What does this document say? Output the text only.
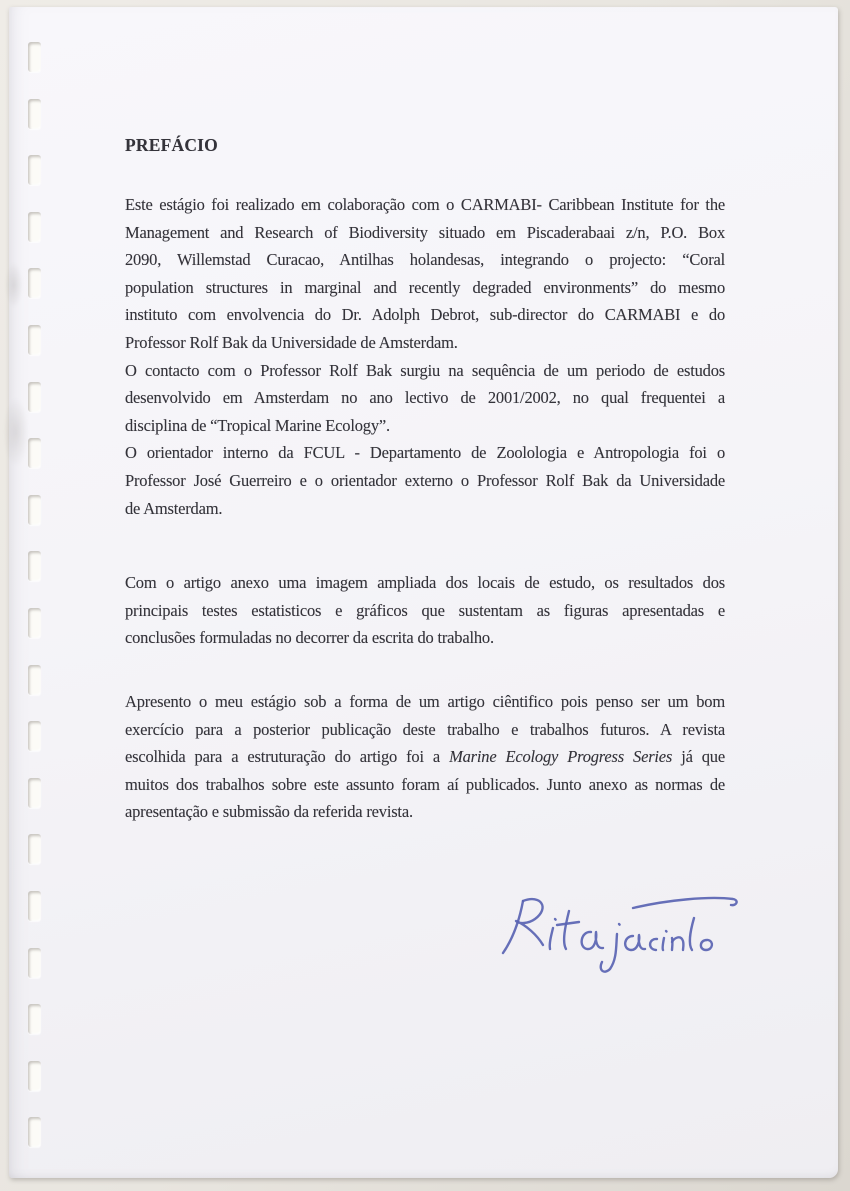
PREFÁCIO
Este estágio foi realizado em colaboração com o CARMABI- Caribbean Institute for the
Management and Research of Biodiversity situado em Piscaderabaai z/n, P.O. Box
2090, Willemstad Curacao, Antilhas holandesas, integrando o projecto: “Coral
population structures in marginal and recently degraded environments” do mesmo
instituto com envolvencia do Dr. Adolph Debrot, sub-director do CARMABI e do
Professor Rolf Bak da Universidade de Amsterdam.
O contacto com o Professor Rolf Bak surgiu na sequência de um periodo de estudos
desenvolvido em Amsterdam no ano lectivo de 2001/2002, no qual frequentei a
disciplina de “Tropical Marine Ecology”.
O orientador interno da FCUL - Departamento de Zoolologia e Antropologia foi o
Professor José Guerreiro e o orientador externo o Professor Rolf Bak da Universidade
de Amsterdam.
Com o artigo anexo uma imagem ampliada dos locais de estudo, os resultados dos
principais testes estatisticos e gráficos que sustentam as figuras apresentadas e
conclusões formuladas no decorrer da escrita do trabalho.
Apresento o meu estágio sob a forma de um artigo ciêntifico pois penso ser um bom
exercício para a posterior publicação deste trabalho e trabalhos futuros. A revista
escolhida para a estruturação do artigo foi a Marine Ecology Progress Series já que
muitos dos trabalhos sobre este assunto foram aí publicados. Junto anexo as normas de
apresentação e submissão da referida revista.
